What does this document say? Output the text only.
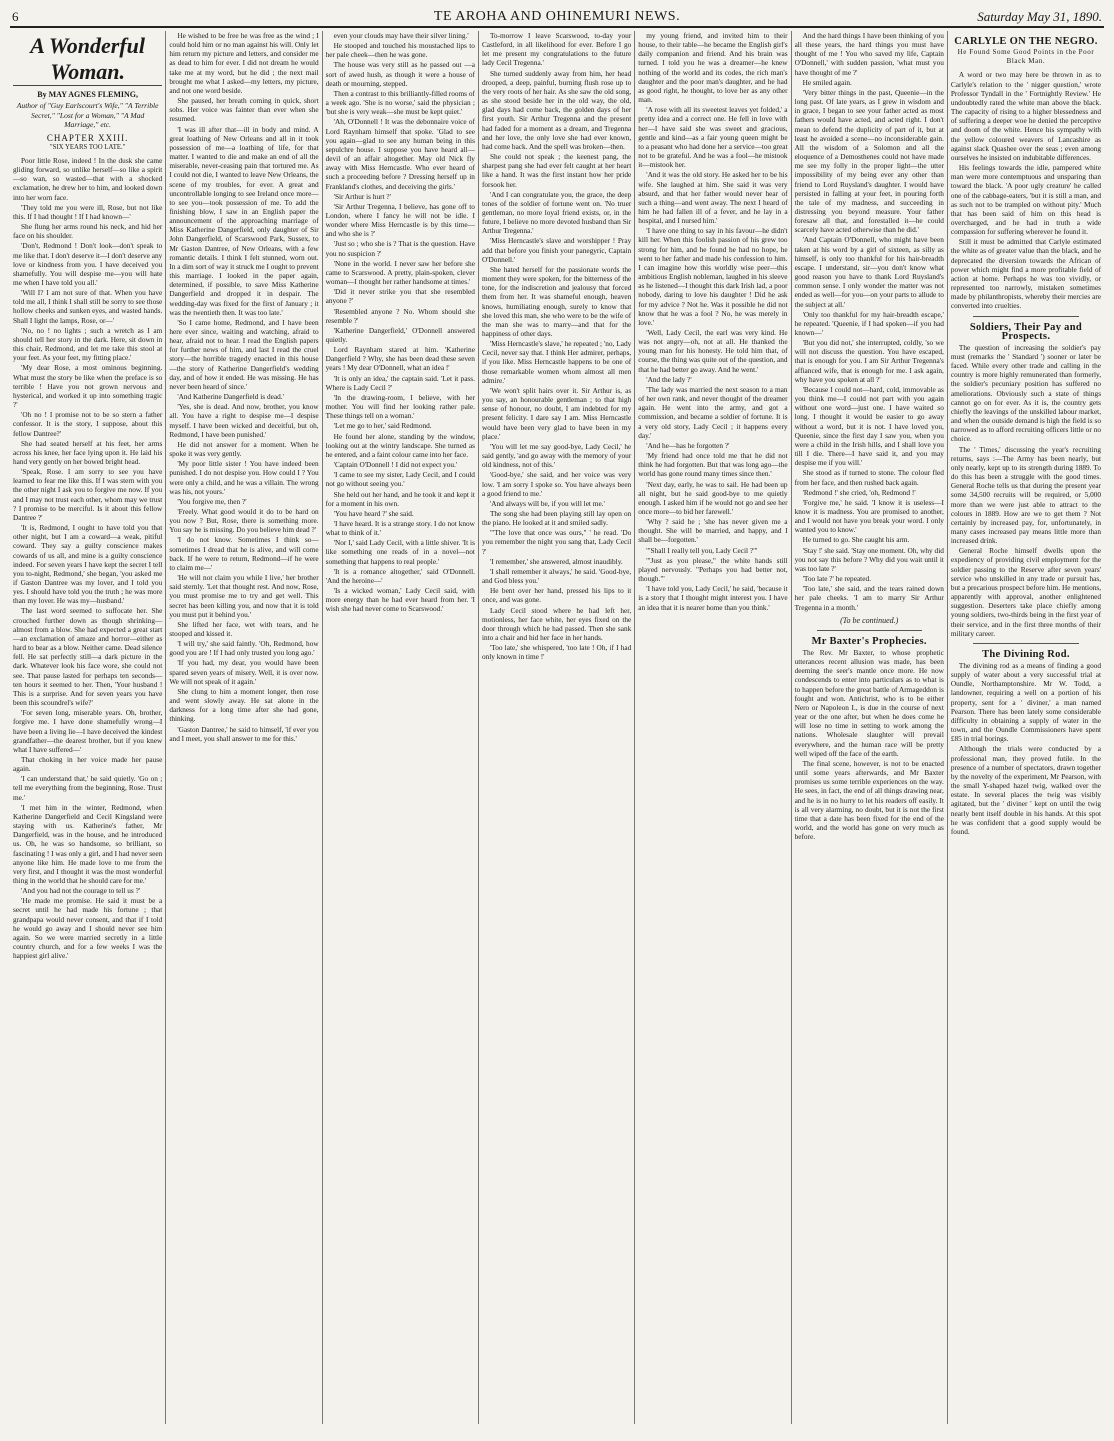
6	TE AROHA AND OHINEMURI NEWS.	Saturday May 31, 1890.
A Wonderful Woman.
By MAY AGNES FLEMING,
Author of "Guy Earlscourt's Wife," "A Terrible Secret," "Lost for a Woman," "A Mad Marriage," etc.
CHAPTER XXIII.
"SIX YEARS TOO LATE."

Poor little Rose, indeed ! In the dusk she came gliding forward, so unlike herself—so like a spirit—so wan, so wasted—that with a shocked exclamation, he drew her to him, and looked down into her worn face.

'They told me you were ill, Rose, but not like this. If I had thought ! If I had known—'

She flung her arms round his neck, and hid her face on his shoulder.

'Don't, Redmond ! Don't look—don't speak to me like that. I don't deserve it—I don't deserve any love or kindness from you. I have deceived you shamefully. You will despise me—you will hate me when I have told you all.'

'Will I? I am not sure of that. When you have told me all, I think I shall still be sorry to see those hollow cheeks and sunken eyes, and wasted hands. Shall I light the lamps, Rose, or—'

'No, no ! no lights ; such a wretch as I am should tell her story in the dark. Here, sit down in this chair, Redmond, and let me take this stool at your feet. As your feet, my fitting place.'

'My dear Rose, a most ominous beginning. What must the story be like when the preface is so terrible ! Have you not grown nervous and hysterical, and worked it up into something tragic ?'

'Oh no ! I promise not to be so stern a father confessor. It is the story, I suppose, about this fellow Dantree?'

She had seated herself at his feet, her arms across his knee, her face lying upon it. He laid his hand very gently on her bowed bright head.

'Speak, Rose. I am sorry to see you have learned to fear me like this. If I was stern with you the other night I ask you to forgive me now. If you and I may not trust each other, whom may we trust ? I promise to be merciful. Is it about this fellow Dantree ?'

'It is, Redmond, I ought to have told you that other night, but I am a coward—a weak, pitiful coward. They say a guilty conscience makes cowards of us all, and mine is a guilty conscience indeed. For seven years I have kept the secret I tell you to-night, Redmond,' she began, 'you asked me if Gaston Dantree was my lover, and I told you yes. I should have told you the truth ; he was more than my lover. He was my—husband.'

The last word seemed to suffocate her. She crouched further down as though shrinking—almost from a blow. She had expected a great start—an exclamation of amaze and horror—either as hard to bear as a blow. Neither came. Dead silence fell. He sat perfectly still—a dark picture in the dark. Whatever look his face wore, she could not see. That pause lasted for perhaps ten seconds—ten hours it seemed to her. Then, 'Your husband ! This is a surprise. And for seven years you have been this scoundrel's wife?'

'For seven long, miserable years. Oh, brother, forgive me. I have done shamefully wrong—I have been a living lie—I have deceived the kindest grandfather—the dearest brother, but if you knew what I have suffered—'

That choking in her voice made her pause again.

'I can understand that,' he said quietly. 'Go on ; tell me everything from the beginning, Rose. Trust me.'

'I met him in the winter, Redmond, when Katherine Dangerfield and Cecil Kingsland were staying with us. Katherine's father, Mr Dangerfield, was in the house, and he introduced us. Oh, he was so handsome, so brilliant, so fascinating ! I was only a girl, and I had never seen anyone like him. He made love to me from the very first, and I thought it was the most wonderful thing in the world that he should care for me.'

'And you had not the courage to tell us ?'

'He made me promise. He said it must be a secret until he had made his fortune ; that grandpapa would never consent, and that if I told he would go away and I should never see him again. So we were married secretly in a little country church, and for a few weeks I was the happiest girl alive.'

He wished to be free he was free as the wind ; I could hold him or no man against his will. Only let him return my picture and letters, and consider me as dead to him for ever. I did not dream he would take me at my word, but he did ; the next mail brought me what I asked—my letters, my picture, and not one word beside.

She paused, her breath coming in quick, short sobs. Her voice was fainter than ever when she resumed.

'I was ill after that—ill in body and mind. A great loathing of New Orleans and all in it took possession of me—a loathing of life, for that matter. I wanted to die and make an end of all the miserable, never-ceasing pain that tortured me. As I could not die, I wanted to leave New Orleans, the scene of my troubles, for ever. A great and uncontrollable longing to see Ireland once more—to see you—took possession of me. To add the finishing blow, I saw in an English paper the announcement of the approaching marriage of Miss Katherine Dangerfield, only daughter of Sir John Dangerfield, of Scarswood Park, Sussex, to Mr Gaston Dantree, of New Orleans, with a few romantic details. I think I felt stunned, worn out. In a dim sort of way it struck me I ought to prevent this marriage. I looked in the paper again, determined, if possible, to save Miss Katherine Dangerfield and dropped it in despair. The wedding-day was fixed for the first of January ; it was the twentieth then. It was too late.'

'So I came home, Redmond, and I have been here ever since, waiting and watching, afraid to hear, afraid not to hear. I read the English papers for further news of him, and last I read the cruel story—the horrible tragedy enacted in this house—the story of Katherine Dangerfield's wedding day, and of how it ended. He was missing. He has never been heard of since.'

'And Katherine Dangerfield is dead.'

'Yes, she is dead. And now, brother, you know all. You have a right to despise me—I despise myself. I have been wicked and deceitful, but oh, Redmond, I have been punished.'

He did not answer for a moment. When he spoke it was very gently.

'My poor little sister ! You have indeed been punished. I do not despise you. How could I ? You were only a child, and he was a villain. The wrong was his, not yours.'

'You forgive me, then ?'

'Freely. What good would it do to be hard on you now ? But, Rose, there is something more. You say he is missing. Do you believe him dead ?'

'I do not know. Sometimes I think so—sometimes I dread that he is alive, and will come back. If he were to return, Redmond—if he were to claim me—'

'He will not claim you while I live,' her brother said sternly. 'Let that thought rest. And now, Rose, you must promise me to try and get well. This secret has been killing you, and now that it is told you must put it behind you.'

She lifted her face, wet with tears, and he stooped and kissed it.

'I will try,' she said faintly. 'Oh, Redmond, how good you are ! If I had only trusted you long ago.'

'If you had, my dear, you would have been spared seven years of misery. Well, it is over now. We will not speak of it again.'

She clung to him a moment longer, then rose and went slowly away. He sat alone in the darkness for a long time after she had gone, thinking.

'Gaston Dantree,' he said to himself, 'if ever you and I meet, you shall answer to me for this.'

even your clouds may have their silver lining.'

He stooped and touched his moustached lips to her pale cheek—then he was gone.

The house was very still as he passed out —a sort of awed hush, as though it were a house of death or mourning, stepped.

Then a contrast to this brilliantly-filled rooms of a week ago. 'She is no worse,' said the physician ; 'but she is very weak—she must be kept quiet.'

'Ah, O'Donnell ! It was the debonnaire voice of Lord Raynham himself that spoke. 'Glad to see you again—glad to see any human being in this sepulchre house. I suppose you have heard all—devil of an affair altogether. May old Nick fly away with Miss Herncastle. Who ever heard of such a proceeding before ? Dressing herself up in Frankland's clothes, and deceiving the girls.'

'Sir Arthur is hurt ?'

'Sir Arthur Tregenna, I believe, has gone off to London, where I fancy he will not be idle. I wonder where Miss Herncastle is by this time—and who she is ?'

'Just so ; who she is ? That is the question. Have you no suspicion ?'

'None in the world. I never saw her before she came to Scarswood. A pretty, plain-spoken, clever woman—I thought her rather handsome at times.'

'Did it never strike you that she resembled anyone ?'

'Resembled anyone ? No. Whom should she resemble ?'

'Katherine Dangerfield,' O'Donnell answered quietly.

Lord Raynham stared at him. 'Katherine Dangerfield ? Why, she has been dead these seven years ! My dear O'Donnell, what an idea !'

'It is only an idea,' the captain said. 'Let it pass. Where is Lady Cecil ?'

'In the drawing-room, I believe, with her mother. You will find her looking rather pale. These things tell on a woman.'

'Let me go to her,' said Redmond.

He found her alone, standing by the window, looking out at the wintry landscape. She turned as he entered, and a faint colour came into her face.

'Captain O'Donnell ! I did not expect you.'

'I came to see my sister, Lady Cecil, and I could not go without seeing you.'

She held out her hand, and he took it and kept it for a moment in his own.

'You have heard ?' she said.

'I have heard. It is a strange story. I do not know what to think of it.'

'Nor I,' said Lady Cecil, with a little shiver. 'It is like something one reads of in a novel—not something that happens to real people.'

'It is a romance altogether,' said O'Donnell. 'And the heroine—'

'Is a wicked woman,' Lady Cecil said, with more energy than he had ever heard from her. 'I wish she had never come to Scarswood.'

To-morrow I leave Scarswood, to-day your Castleford, in all likelihood for ever. Before I go let me present my congratulations to the future lady Cecil Tregenna.'

She turned suddenly away from him, her head drooped, a deep, painful, burning flush rose up to the very roots of her hair. As she saw the old song, as she stood beside her in the old way, the old, glad days had come back, the golden days of her first youth. Sir Arthur Tregenna and the present had faded for a moment as a dream, and Tregenna and her love, the only love she had ever known, had come back. And the spell was broken—then.

She could not speak ; the keenest pang, the sharpest pang she had ever felt caught at her heart like a hand. It was the first instant how her pride forsook her.

'And I can congratulate you, the grace, the deep tones of the soldier of fortune went on. 'No truer gentleman, no more loyal friend exists, or, in the future, I believe no more devoted husband than Sir Arthur Tregenna.'

'Miss Herncastle's slave and worshipper ! Pray add that before you finish your panegyric, Captain O'Donnell.'

She hated herself for the passionate words the moment they were spoken, for the bitterness of the tone, for the indiscretion and jealousy that forced them from her. It was shameful enough, heaven knows, humiliating enough, surely to know that she loved this man, she who were to be the wife of the man she was to marry—and that for the happiness of other days.

'Miss Herncastle's slave,' he repeated ; 'no, Lady Cecil, never say that. I think Her admirer, perhaps, if you like. Miss Herncastle happens to be one of those remarkable women whom almost all men admire.'

'We won't split hairs over it. Sir Arthur is, as you say, an honourable gentleman ; to that high sense of honour, no doubt, I am indebted for my present felicity. I dare say I am. Miss Herncastle would have been very glad to have been in my place.'

'You will let me say good-bye, Lady Cecil,' he said gently, 'and go away with the memory of your old kindness, not of this.'

'Good-bye,' she said, and her voice was very low. 'I am sorry I spoke so. You have always been a good friend to me.'

'And always will be, if you will let me.'

The song she had been playing still lay open on the piano. He looked at it and smiled sadly.

'"The love that once was ours," ' he read. 'Do you remember the night you sang that, Lady Cecil ?'

'I remember,' she answered, almost inaudibly.

'I shall remember it always,' he said. 'Good-bye, and God bless you.'

He bent over her hand, pressed his lips to it once, and was gone.

Lady Cecil stood where he had left her, motionless, her face white, her eyes fixed on the door through which he had passed. Then she sank into a chair and hid her face in her hands.

'Too late,' she whispered, 'too late ! Oh, if I had only known in time !'

my young friend, and invited him to their house, to their table—he became the English girl's daily companion and friend. And his brain was turned. I told you he was a dreamer—he knew nothing of the world and its codes, the rich man's daughter and the poor man's daughter, and he had as good right, he thought, to love her as any other man.

'A rose with all its sweetest leaves yet folded,' a pretty idea and a correct one. He fell in love with her—I have said she was sweet and gracious, gentle and kind—as a fair young queen might be to a peasant who had done her a service—too great not to be grateful. And he was a fool—he mistook it—mistook her.

'And it was the old story. He asked her to be his wife. She laughed at him. She said it was very absurd, and that her father would never hear of such a thing—and went away. The next I heard of him he had fallen ill of a fever, and he lay in a hospital, and I nursed him.'

'I have one thing to say in his favour—he didn't kill her. When this foolish passion of his grew too strong for him, and he found he had no hope, he went to her father and made his confession to him. I can imagine how this worldly wise peer—this ambitious English nobleman, laughed in his sleeve as he listened—I thought this dark Irish lad, a poor nobody, daring to love his daughter ! Did he ask for my advice ? Not he. Was it possible he did not know that he was a fool ? No, he was merely in love.'

'Well, Lady Cecil, the earl was very kind. He was not angry—oh, not at all. He thanked the young man for his honesty. He told him that, of course, the thing was quite out of the question, and that he had better go away. And he went.'

'And the lady ?'

'The lady was married the next season to a man of her own rank, and never thought of the dreamer again. He went into the army, and got a commission, and became a soldier of fortune. It is a very old story, Lady Cecil ; it happens every day.'

'And he—has he forgotten ?'

'My friend had once told me that he did not think he had forgotten. But that was long ago—the world has gone round many times since then.'

'Next day, early, he was to sail. He had been up all night, but he said good-bye to me quietly enough. I asked him if he would not go and see her once more—to bid her farewell.'

'Why ? said he ; 'she has never given me a thought. She will be married, and happy, and I shall be—forgotten.'

'"Shall I really tell you, Lady Cecil ?"'

'"Just as you please," the white hands still played nervously. "Perhaps you had better not, though."'

'I have told you, Lady Cecil,' he said, 'because it is a story that I thought might interest you. I have an idea that it is nearer home than you think.'

And the hard things I have been thinking of you all these years, the hard things you must have thought of me ! You who saved my life, Captain O'Donnell,' with sudden passion, 'what must you have thought of me ?'

He smiled again.

'Very bitter things in the past, Queenie—in the long past. Of late years, as I grew in wisdom and in grace, I began to see your father acted as most fathers would have acted, and acted right. I don't mean to defend the duplicity of part of it, but at least he avoided a scene—no inconsiderable gain. All the wisdom of a Solomon and all the eloquence of a Demosthenes could not have made me see my folly in the proper light—the utter impossibility of my being ever any other than friend to Lord Ruysland's daughter. I would have persisted in falling at your feet, in pouring forth the tale of my madness, and succeeding in distressing you beyond measure. Your father foresaw all that, and forestalled it—he could scarcely have acted otherwise than he did.'

'And Captain O'Donnell, who might have been taken at his word by a girl of sixteen, as silly as himself, is only too thankful for his hair-breadth escape. I understand, sir—you don't know what good reason you have to thank Lord Ruysland's common sense. I only wonder the matter was not ended as well—for you—on your parts to allude to the subject at all.'

'Only too thankful for my hair-breadth escape,' he repeated. 'Queenie, if I had spoken—if you had known—'

'But you did not,' she interrupted, coldly, 'so we will not discuss the question. You have escaped, that is enough for you. I am Sir Arthur Tregenna's affianced wife, that is enough for me. I ask again, why have you spoken at all ?'

'Because I could not—hard, cold, immovable as you think me—I could not part with you again without one word—just one. I have waited so long. I thought it would be easier to go away without a word, but it is not. I have loved you, Queenie, since the first day I saw you, when you were a child in the Irish hills, and I shall love you till I die. There—I have said it, and you may despise me if you will.'

She stood as if turned to stone. The colour fled from her face, and then rushed back again.

'Redmond !' she cried, 'oh, Redmond !'

'Forgive me,' he said. 'I know it is useless—I know it is madness. You are promised to another, and I would not have you break your word. I only wanted you to know.'

He turned to go. She caught his arm.

'Stay !' she said. 'Stay one moment. Oh, why did you not say this before ? Why did you wait until it was too late ?'

'Too late ?' he repeated.

'Too late,' she said, and the tears rained down her pale cheeks. 'I am to marry Sir Arthur Tregenna in a month.'

(To be continued.)
Mr Baxter's Prophecies.

The Rev. Mr Baxter, to whose prophetic utterances recent allusion was made, has been deeming the seer's mantle once more. He now condescends to enter into particulars as to what is to happen before the great battle of Armageddon is fought and won. Antichrist, who is to be either Nero or Napoleon I., is due in the course of next year or the one after, but when he does come he will lose no time in setting to work among the nations. Wholesale slaughter will prevail everywhere, and the human race will be pretty well wiped off the face of the earth.

The final scene, however, is not to be enacted until some years afterwards, and Mr Baxter promises us some terrible experiences on the way. He sees, in fact, the end of all things drawing near, and he is in no hurry to let his readers off easily. It is all very alarming, no doubt, but it is not the first time that a date has been fixed for the end of the world, and the world has gone on very much as before.

CARLYLE ON THE NEGRO.
He Found Some Good Points in the Poor Black Man.

A word or two may here be thrown in as to Carlyle's relation to the ' nigger question,' wrote Professor Tyndall in the ' Fortnightly Review.' He undoubtedly rated the white man above the black. The capacity of rising to a higher blessedness and of suffering a deeper woe he denied the perceptive and doom of the white. Hence his sympathy with the yellow coloured weavers of Lancashire as against slack Quashee over the seas ; even among ourselves he insisted on indubitable differences.

His feelings towards the idle, pampered white man were more contemptuous and unsparing than toward the black. 'A poor ugly creature' he called one of the cabbage-eaters, 'but it is still a man, and as such not to be trampled on without pity.' Much that has been said of him on this head is overcharged, and he had in truth a wide compassion for suffering wherever he found it.

Still it must be admitted that Carlyle estimated the white as of greater value than the black, and he deprecated the diversion towards the African of power which might find a more profitable field of action at home. Perhaps he was too vividly, or represented too narrowly, mistaken sometimes made by philanthropists, whereby their mercies are converted into cruelties.

Soldiers, Their Pay and Prospects.

The question of increasing the soldier's pay must (remarks the ' Standard ') sooner or later be faced. While every other trade and calling in the country is more highly remunerated than formerly, the soldier's pecuniary position has suffered no ameliorations. Obviously such a state of things cannot go on for ever. As it is, the country gets chiefly the leavings of the unskilled labour market, and when the outside demand is high the field is so narrowed as to afford recruiting officers little or no choice.

The ' Times,' discussing the year's recruiting returns, says :—The Army has been nearly, but only nearly, kept up to its strength during 1889. To do this has been a struggle with the good times. General Roche tells us that during the present year some 34,500 recruits will be required, or 5,000 more than we were just able to attract to the colours in 1889. How are we to get them ? Not certainly by increased pay, for, unfortunately, in many cases increased pay means little more than increased drink.

General Roche himself dwells upon the expediency of providing civil employment for the soldier passing to the Reserve after seven years' service who unskilled in any trade or pursuit has, but a precarious prospect before him. He mentions, apparently with approval, another enlightened suggestion. Deserters take place chiefly among young soldiers, two-thirds being in the first year of their service, and in the first three months of their military career.

The Divining Rod.

The divining rod as a means of finding a good supply of water about a very successful trial at Oundle, Northamptonshire. Mr W. Todd, a landowner, requiring a well on a portion of his property, sent for a ' diviner,' a man named Pearson. There has been lately some considerable difficulty in obtaining a supply of water in the town, and the Oundle Commissioners have spent £85 in trial borings.

Although the trials were conducted by a professional man, they proved futile. In the presence of a number of spectators, drawn together by the novelty of the experiment, Mr Pearson, with the small Y-shaped hazel twig, walked over the estate. In several places the twig was visibly agitated, but the ' diviner ' kept on until the twig nearly bent itself double in his hands. At this spot he was confident that a good supply would be found.
